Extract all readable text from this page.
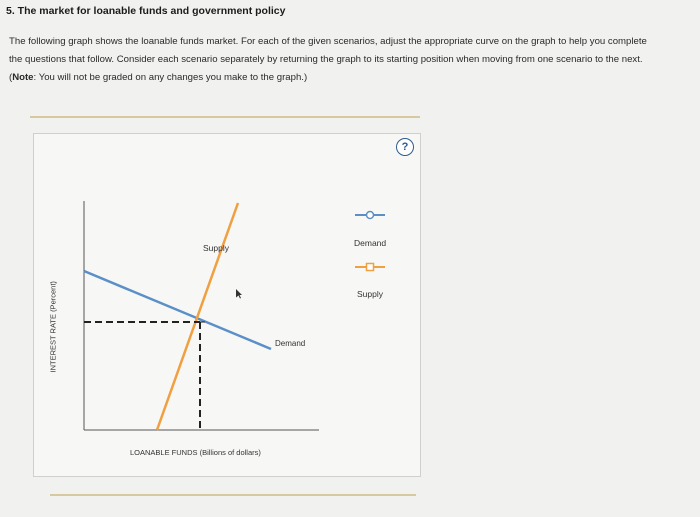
5. The market for loanable funds and government policy
The following graph shows the loanable funds market. For each of the given scenarios, adjust the appropriate curve on the graph to help you complete
the questions that follow. Consider each scenario separately by returning the graph to its starting position when moving from one scenario to the next.
(Note: You will not be graded on any changes you make to the graph.)
?
Demand
Supply
Supply
Demand
INTEREST RATE (Percent)
LOANABLE FUNDS (Billions of dollars)
